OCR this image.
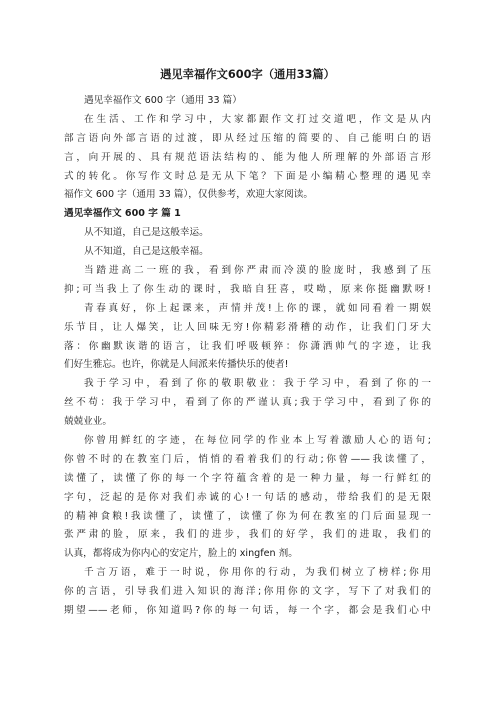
遇见幸福作文600字（通用33篇）
遇见幸福作文 600 字（通用 33 篇）
在生活、工作和学习中，大家都跟作文打过交道吧，作文是从内
部言语向外部言语的过渡，即从经过压缩的简要的、自己能明白的语
言，向开展的、具有规范语法结构的、能为他人所理解的外部语言形
式的转化。你写作文时总是无从下笔？下面是小编精心整理的遇见幸
福作文 600 字（通用 33 篇），仅供参考，欢迎大家阅读。
遇见幸福作文 600 字 篇 1
从不知道，自己是这般幸运。
从不知道，自己是这般幸福。
当踏进高二一班的我，看到你严肃而冷漠的脸庞时，我感到了压
抑;可当我上了你生动的课时，我暗自狂喜，哎呦，原来你挺幽默呀!
青春真好，你上起课来，声情并茂!上你的课，就如同看着一期娱
乐节目，让人爆笑，让人回味无穷!你精彩滑稽的动作，让我们门牙大
落：你幽默诙谐的语言，让我们呼吸顿猝：你潇洒帅气的字迹，让我
们好生雅忘。也许，你就是人间派来传播快乐的使者!
我于学习中，看到了你的敬职敬业：我于学习中，看到了你的一
丝不苟：我于学习中，看到了你的严谨认真;我于学习中，看到了你的
兢兢业业。
你曾用鲜红的字迹，在每位同学的作业本上写着激励人心的语句;
你曾不时的在教室门后，悄悄的看着我们的行动;你曾——我读懂了，
读懂了，读懂了你的每一个字符蕴含着的是一种力量，每一行鲜红的
字句，泛起的是你对我们赤诚的心!一句话的感动，带给我们的是无限
的精神食粮!我读懂了，读懂了，读懂了你为何在教室的门后面显现一
张严肃的脸，原来，我们的进步，我们的好学，我们的进取，我们的
认真，都将成为你内心的安定片，脸上的 xingfen 剂。
千言万语，难于一时说，你用你的行动，为我们树立了榜样;你用
你的言语，引导我们进入知识的海洋;你用你的文字，写下了对我们的
期望——老师，你知道吗?你的每一句话，每一个字，都会是我们心中
